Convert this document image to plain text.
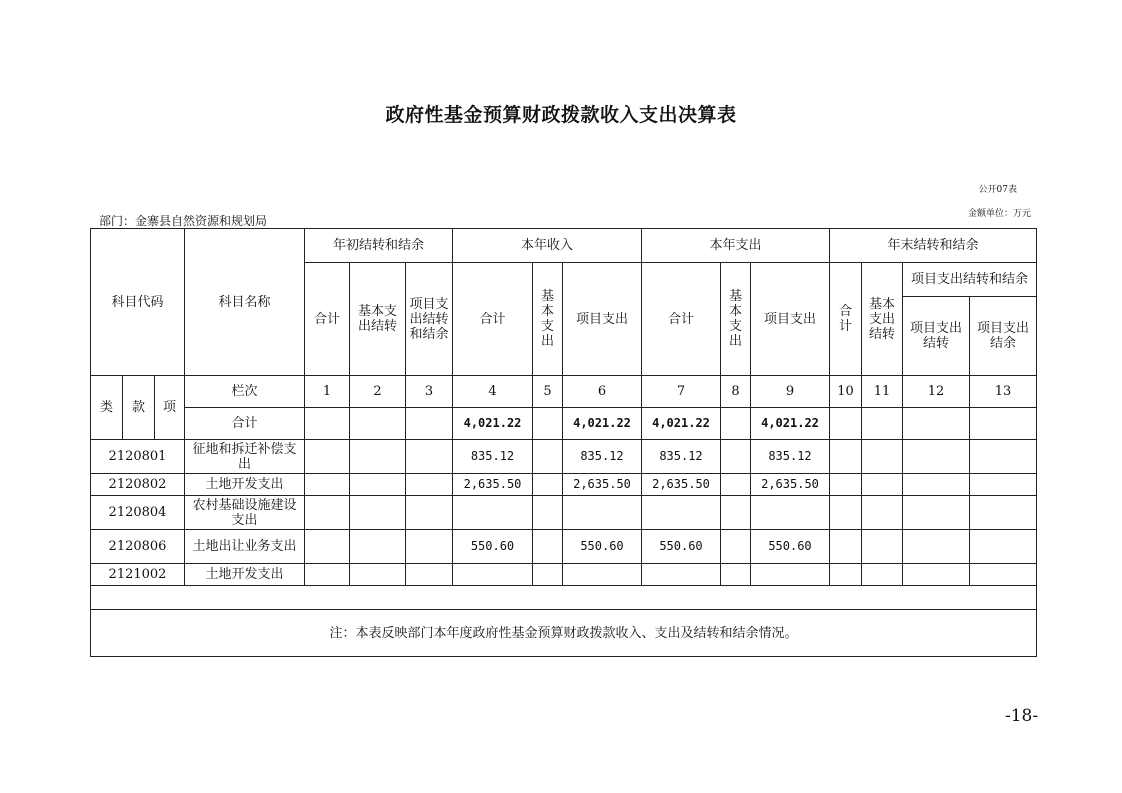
政府性基金预算财政拨款收入支出决算表
公开07表
金额单位：万元
部门：金寨县自然资源和规划局
科目代码			科目名称	年初结转和结余			本年收入			本年支出			年末结转和结余			
				合计	基本支出结转	项目支出结转和结余	合计	基本支出	项目支出	合计	基本支出	项目支出	合计	基本支出结转	项目支出结转和结余	
															项目支出结转	项目支出结余
类	款	项	栏次	1	2	3	4	5	6	7	8	9	10	11	12	13
			合计				4,021.22		4,021.22	4,021.22		4,021.22				
2120801			征地和拆迁补偿支出				835.12		835.12	835.12		835.12				
2120802			土地开发支出				2,635.50		2,635.50	2,635.50		2,635.50				
2120804			农村基础设施建设支出													
2120806			土地出让业务支出				550.60		550.60	550.60		550.60				
2121002			土地开发支出													

注：本表反映部门本年度政府性基金预算财政拨款收入、支出及结转和结余情况。																
-18-
